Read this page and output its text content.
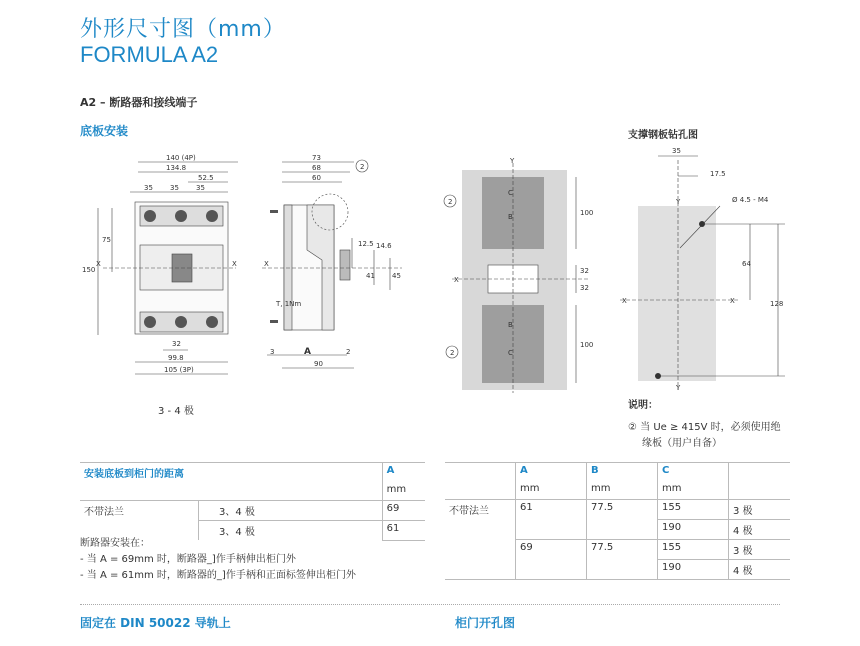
外形尺寸图（mm）
FORMULA A2
A2 – 断路器和接线端子
底板安装	支撑钢板钻孔图
140 (4P)
134.8
52.5
35 35 35
150
75
32
99.8
105 (3P)
X	X
3 - 4 极
73
68
60
12.5 14.6
41 45
T, 1Nm
3	A	2
90
X
2
Y
X
C
B
B
C
100
32
32
100
2
2
35
17.5
Ø 4.5 - M4
64
128
X	X
Y
Y
说明：
② 当 Ue ≥ 415V 时，必须使用绝
缘板（用户自备）
安装底板到柜门的距离		A
		mm
不带法兰	3、4 极	69
	3、4 极	61
断路器安装在：
- 当 A = 69mm 时，断路器_]作手柄伸出柜门外
- 当 A = 61mm 时，断路器的_]作手柄和正面标签伸出柜门外
	A	B	C	
	mm	mm	mm	
不带法兰	61	77.5	155	3 极
			190	4 极
	69	77.5	155	3 极
			190	4 极
固定在 DIN 50022 导轨上	柜门开孔图
